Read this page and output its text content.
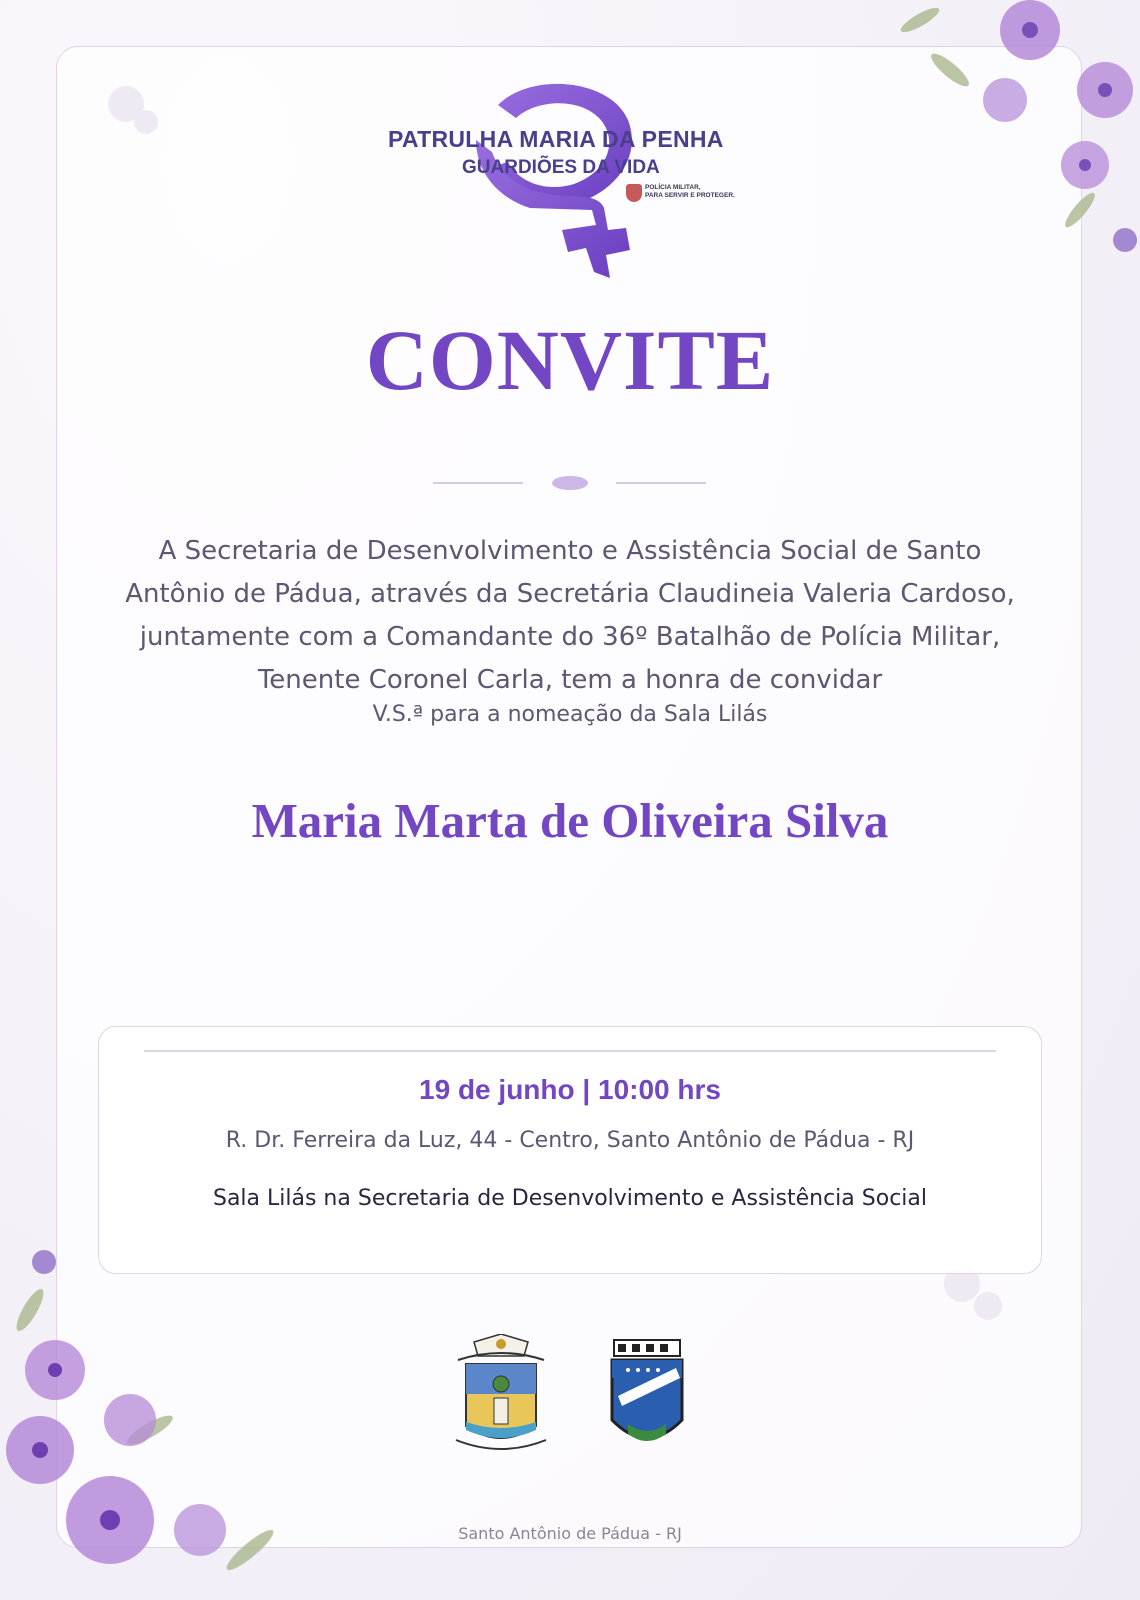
PATRULHA MARIA DA PENHA
GUARDIÕES DA VIDA
POLÍCIA MILITAR,
PARA SERVIR E PROTEGER.
CONVITE
A Secretaria de Desenvolvimento e Assistência Social de Santo Antônio de Pádua, através da Secretária Claudineia Valeria Cardoso, juntamente com a Comandante do 36º Batalhão de Polícia Militar, Tenente Coronel Carla, tem a honra de convidar
V.S.ª para a nomeação da Sala Lilás
Maria Marta de Oliveira Silva
19 de junho | 10:00 hrs
R. Dr. Ferreira da Luz, 44 - Centro, Santo Antônio de Pádua - RJ
Sala Lilás na Secretaria de Desenvolvimento e Assistência Social
Santo Antônio de Pádua - RJ
